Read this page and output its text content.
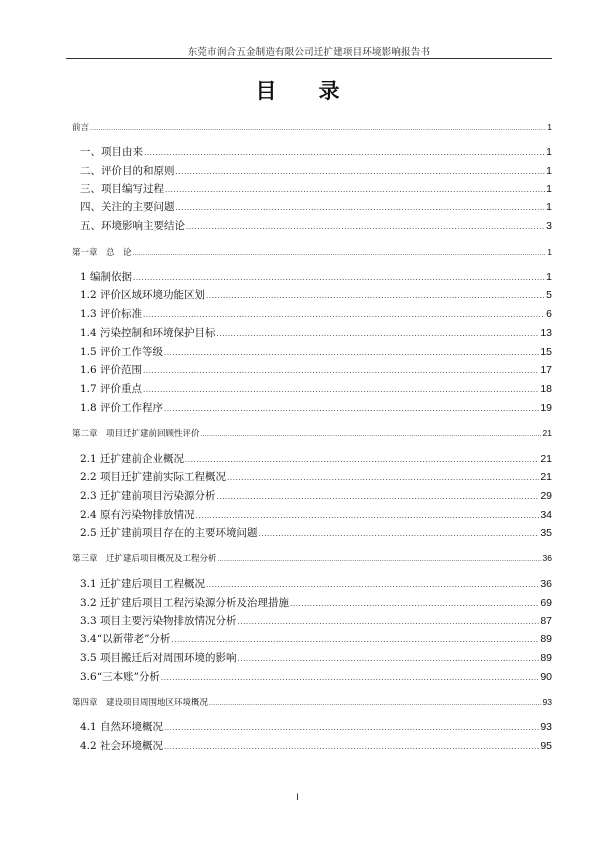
东莞市润合五金制造有限公司迁扩建项目环境影响报告书
目 录
前言 .....	1
一、项目由来 .....	1
二、评价目的和原则 .....	1
三、项目编写过程 .....	1
四、关注的主要问题 .....	1
五、环境影响主要结论 .....	3
第一章　总　论 .....	1
1 编制依据 .....	1
1.2 评价区域环境功能区划 .....	5
1.3 评价标准 .....	6
1.4 污染控制和环境保护目标 .....	13
1.5 评价工作等级 .....	15
1.6 评价范围 .....	17
1.7 评价重点 .....	18
1.8 评价工作程序 .....	19
第二章　项目迁扩建前回顾性评价 .....	21
2.1 迁扩建前企业概况 .....	21
2.2 项目迁扩建前实际工程概况 .....	21
2.3 迁扩建前项目污染源分析 .....	29
2.4 原有污染物排放情况 .....	34
2.5 迁扩建前项目存在的主要环境问题 .....	35
第三章　迁扩建后项目概况及工程分析 .....	36
3.1 迁扩建后项目工程概况 .....	36
3.2 迁扩建后项目工程污染源分析及治理措施 .....	69
3.3 项目主要污染物排放情况分析 .....	87
3.4“以新带老”分析 .....	89
3.5 项目搬迁后对周围环境的影响 .....	89
3.6“三本账”分析 .....	90
第四章　建设项目周围地区环境概况 .....	93
4.1 自然环境概况 .....	93
4.2 社会环境概况 .....	95
I
